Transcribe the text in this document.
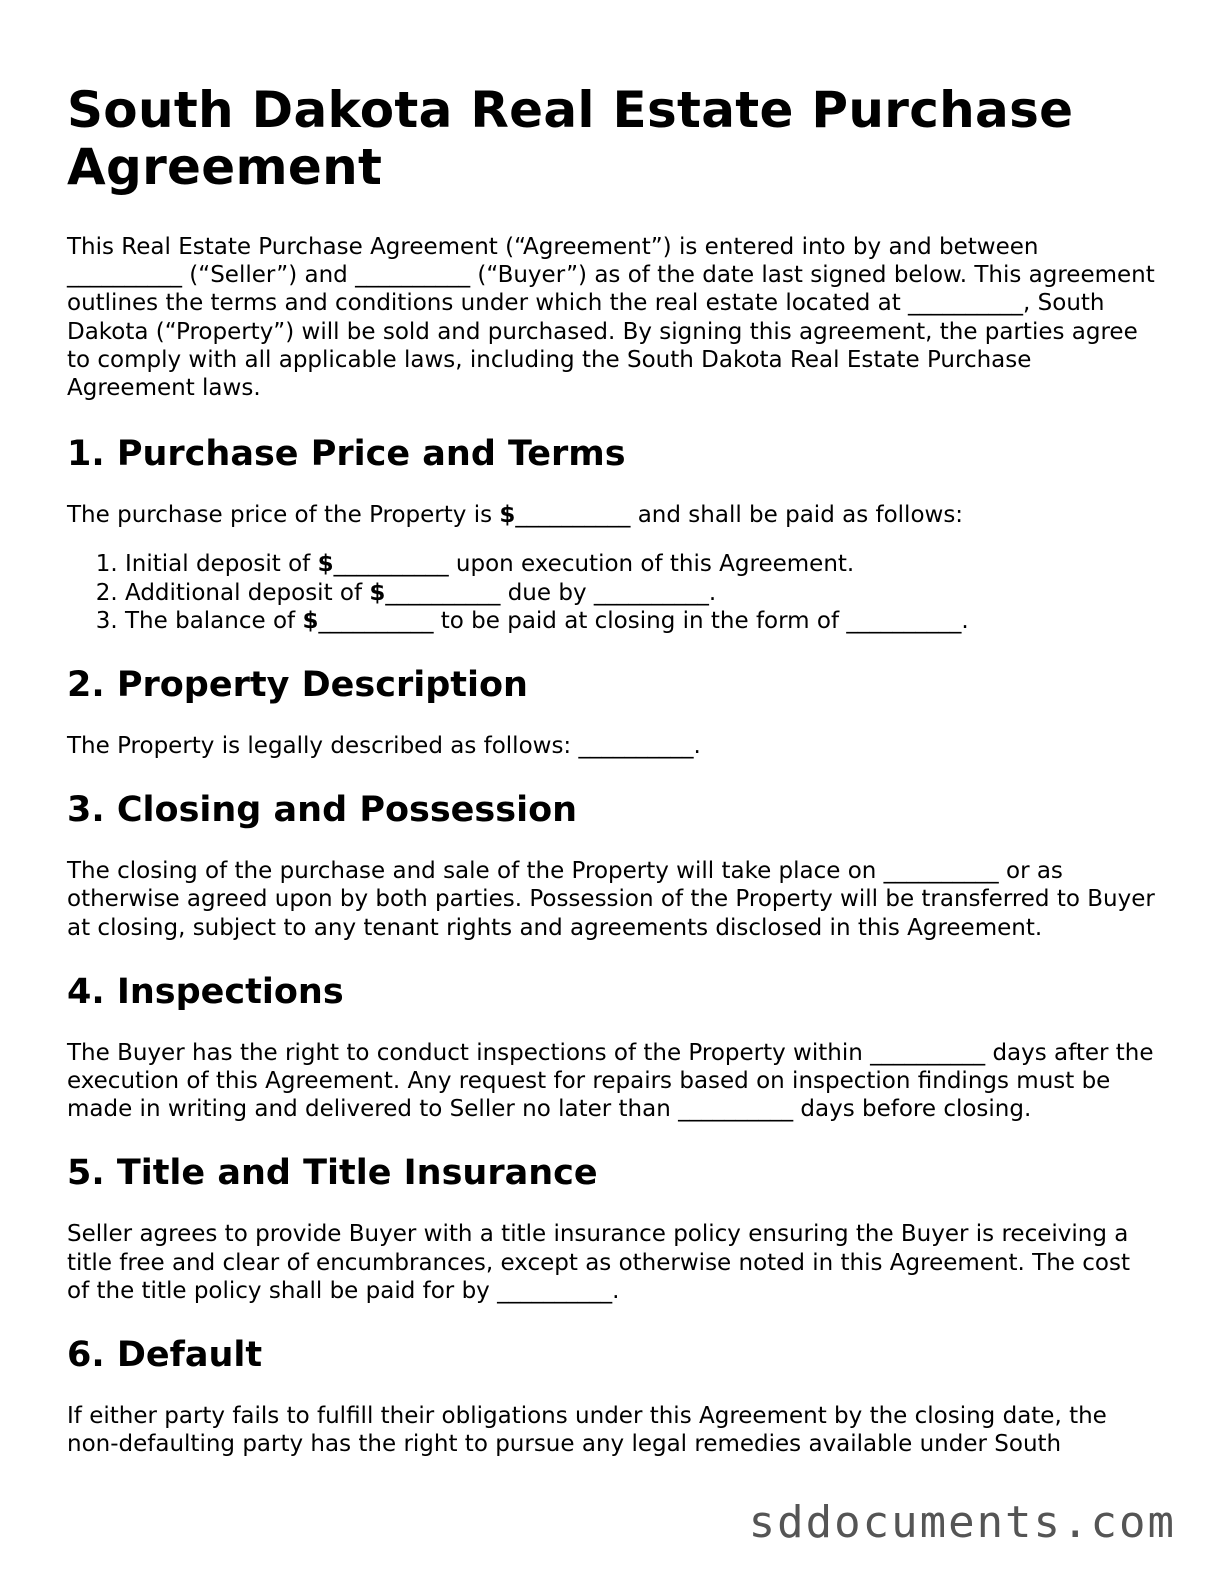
South Dakota Real Estate Purchase Agreement

This Real Estate Purchase Agreement (“Agreement”) is entered into by and between __________ (“Seller”) and __________ (“Buyer”) as of the date last signed below. This agreement outlines the terms and conditions under which the real estate located at __________, South Dakota (“Property”) will be sold and purchased. By signing this agreement, the parties agree to comply with all applicable laws, including the South Dakota Real Estate Purchase Agreement laws.

1. Purchase Price and Terms

The purchase price of the Property is $__________ and shall be paid as follows:

1. Initial deposit of $__________ upon execution of this Agreement.
2. Additional deposit of $__________ due by __________.
3. The balance of $__________ to be paid at closing in the form of __________.
2. Property Description

The Property is legally described as follows: __________.

3. Closing and Possession

The closing of the purchase and sale of the Property will take place on __________ or as otherwise agreed upon by both parties. Possession of the Property will be transferred to Buyer at closing, subject to any tenant rights and agreements disclosed in this Agreement.

4. Inspections

The Buyer has the right to conduct inspections of the Property within __________ days after the execution of this Agreement. Any request for repairs based on inspection findings must be made in writing and delivered to Seller no later than __________ days before closing.

5. Title and Title Insurance

Seller agrees to provide Buyer with a title insurance policy ensuring the Buyer is receiving a title free and clear of encumbrances, except as otherwise noted in this Agreement. The cost of the title policy shall be paid for by __________.

6. Default

If either party fails to fulfill their obligations under this Agreement by the closing date, the non-defaulting party has the right to pursue any legal remedies available under South

sddocuments.com
